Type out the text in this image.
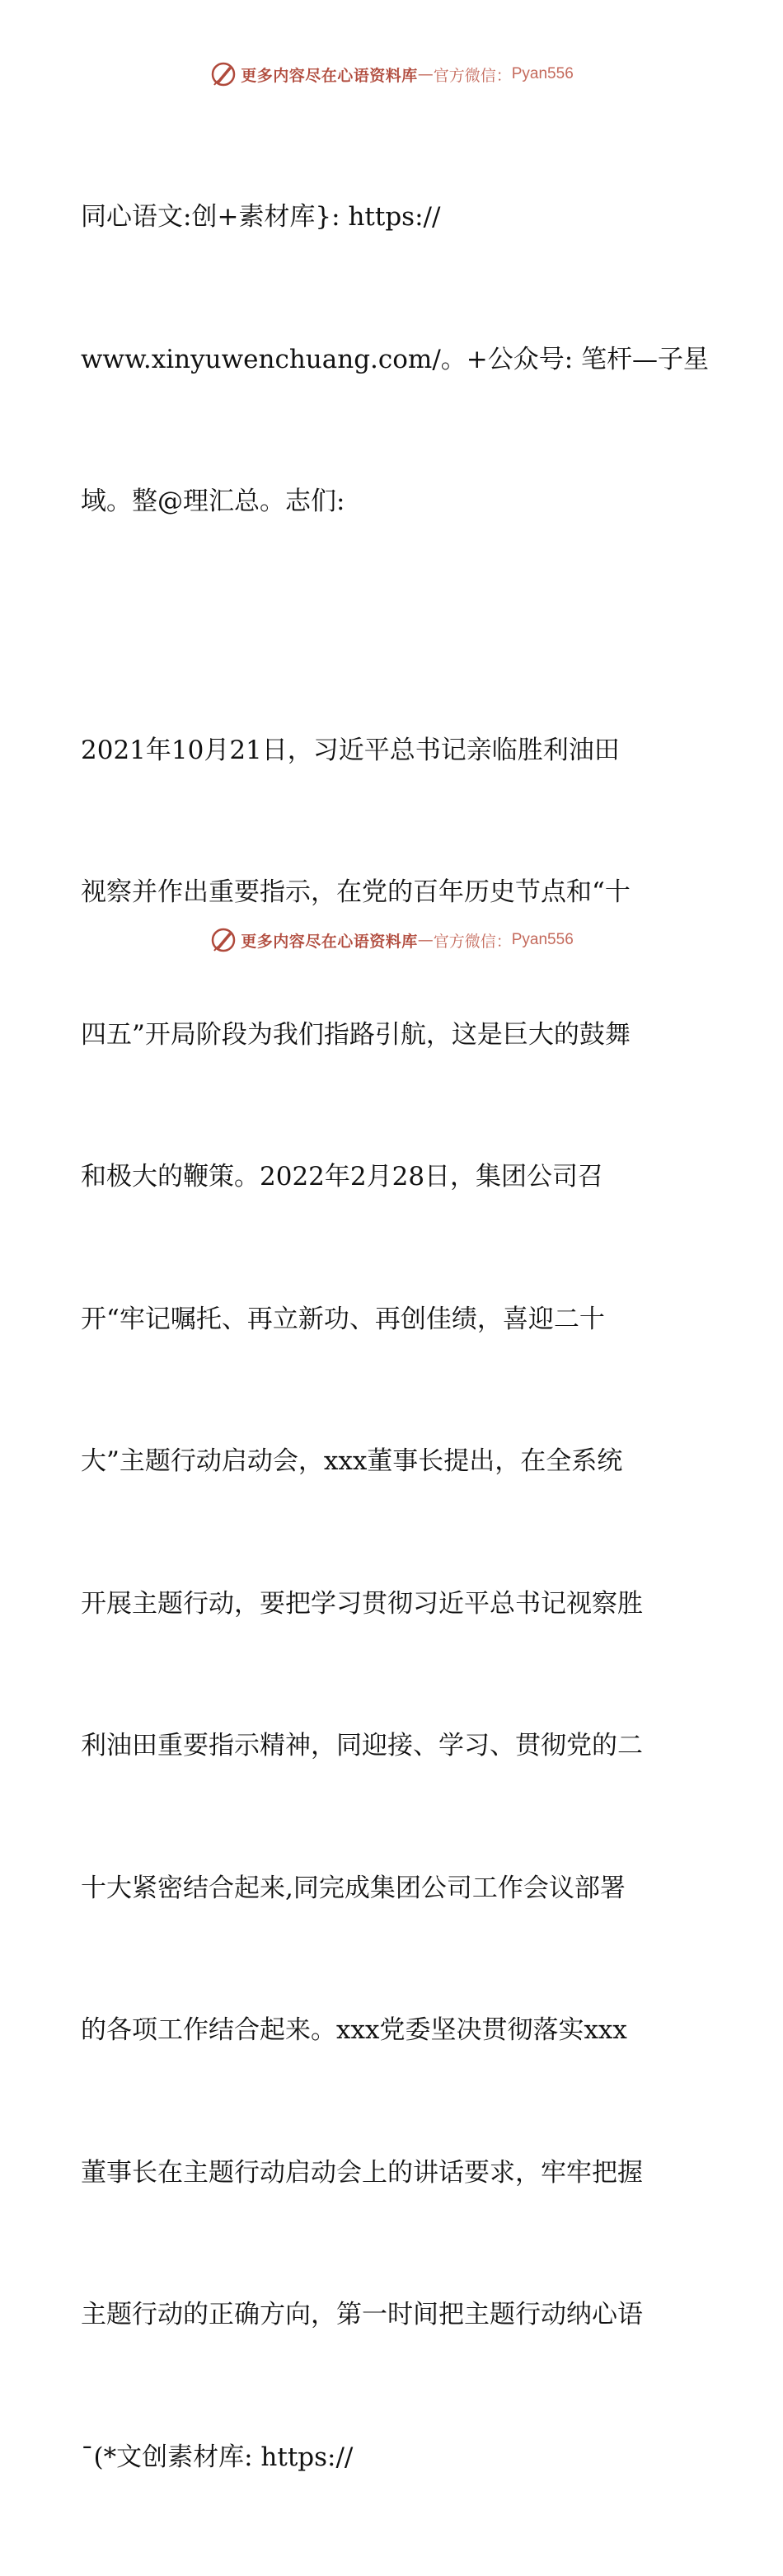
更多内容尽在心语资料库 — 官方微信： Pyan556

同心语文:创+素材库}: https://

www.xinyuwenchuang.com/。+公众号: 笔杆—子星

域。整@理汇总。志们:

2021年10月21日，习近平总书记亲临胜利油田

视察并作出重要指示，在党的百年历史节点和“十

四五”开局阶段为我们指路引航，这是巨大的鼓舞

和极大的鞭策。2022年2月28日，集团公司召

开“牢记嘱托、再立新功、再创佳绩，喜迎二十

大”主题行动启动会，xxx董事长提出，在全系统

开展主题行动，要把学习贯彻习近平总书记视察胜

利油田重要指示精神，同迎接、学习、贯彻党的二

十大紧密结合起来,同完成集团公司工作会议部署

的各项工作结合起来。xxx党委坚决贯彻落实xxx

董事长在主题行动启动会上的讲话要求，牢牢把握

主题行动的正确方向，第一时间把主题行动纳心语

¯(*文创素材库: https://

更多内容尽在心语资料库 — 官方微信： Pyan556
